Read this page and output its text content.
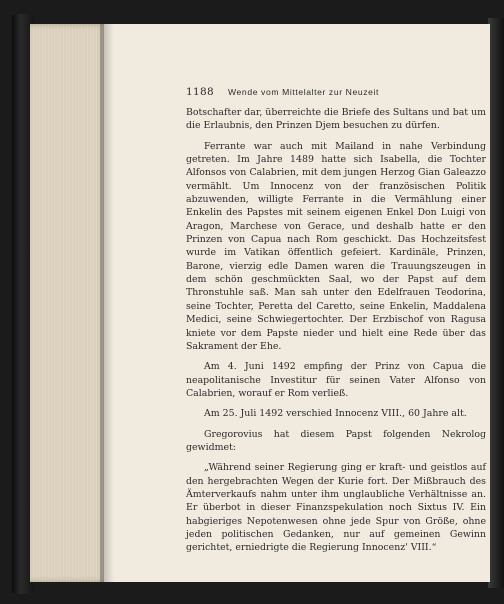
1188 Wende vom Mittelalter zur Neuzeit

Botschafter dar, überreichte die Briefe des Sultans und bat um die Erlaubnis, den Prinzen Djem besuchen zu dürfen.

Ferrante war auch mit Mailand in nahe Verbindung getreten. Im Jahre 1489 hatte sich Isabella, die Tochter Alfonsos von Calabrien, mit dem jungen Herzog Gian Galeazzo vermählt. Um Innocenz von der französischen Politik abzuwenden, willigte Ferrante in die Vermählung einer Enkelin des Papstes mit seinem eigenen Enkel Don Luigi von Aragon, Marchese von Gerace, und deshalb hatte er den Prinzen von Capua nach Rom geschickt. Das Hochzeitsfest wurde im Vatikan öffentlich gefeiert. Kardinäle, Prinzen, Barone, vierzig edle Damen waren die Trauungszeugen in dem schön geschmückten Saal, wo der Papst auf dem Thronstuhle saß. Man sah unter den Edelfrauen Teodorina, seine Tochter, Peretta del Caretto, seine Enkelin, Maddalena Medici, seine Schwiegertochter. Der Erzbischof von Ragusa kniete vor dem Papste nieder und hielt eine Rede über das Sakrament der Ehe.

Am 4. Juni 1492 empfing der Prinz von Capua die neapolitanische Investitur für seinen Vater Alfonso von Calabrien, worauf er Rom verließ.

Am 25. Juli 1492 verschied Innocenz VIII., 60 Jahre alt.

Gregorovius hat diesem Papst folgenden Nekrolog gewidmet:

„Während seiner Regierung ging er kraft- und geistlos auf den hergebrachten Wegen der Kurie fort. Der Mißbrauch des Ämterverkaufs nahm unter ihm unglaubliche Verhältnisse an. Er überbot in dieser Finanzspekulation noch Sixtus IV. Ein habgieriges Nepotenwesen ohne jede Spur von Größe, ohne jeden politischen Gedanken, nur auf gemeinen Gewinn gerichtet, erniedrigte die Regierung Innocenz' VIII.“
